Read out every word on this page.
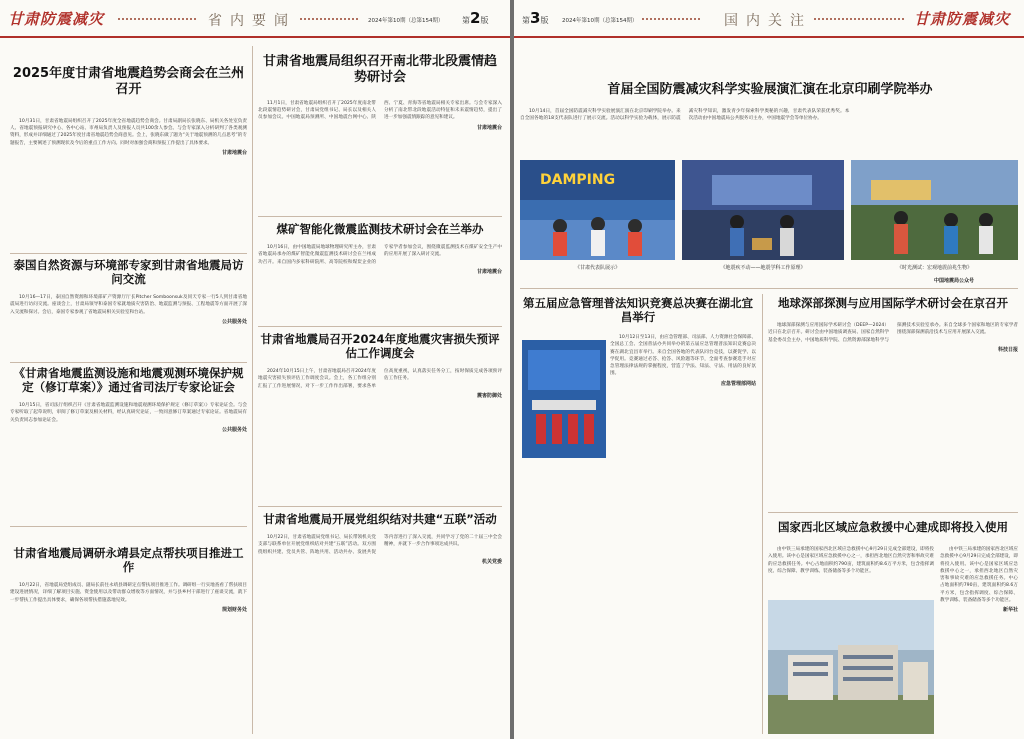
甘肃防震减灾	省内要闻	2024年第10期（总第154期） 第2版
2025年度甘肃省地震趋势会商会在兰州召开

10月31日，甘肃省地震局组织召开了2025年度全省地震趋势会商会。甘肃局副局长张晓东、局机关各处室负责人、省地震预报研究中心、各中心站、市州局负责人及预报人员共100余人参会。与会专家深入分析研判了各类观测资料，形成并详细通过了2025年度甘肃省地震趋势会商意见。会上，张晓东做了题为“关于地震预测的几点思考”的专题报告，主要阐述了预测现状及今后的重点工作方向。同时对加强会商和预报工作提出了具体要求。

甘肃地震台
泰国自然资源与环境部专家到甘肃省地震局访问交流

10月16—17日，泰国自然资源和环境部矿产资源厅厅长Pitcher Somboonsuk及同天专家一行5人到甘肃省地震局进行访问交流。座谈会上，甘肃局领导和泰国专家就地质灾害防治、地震监测与预报、工程地震等方面开展了深入交流和探讨。会后，泰国专家参观了省地震局相关实验室和台站。

公共服务处
《甘肃省地震监测设施和地震观测环境保护规定（修订草案）》通过省司法厅专家论证会

10月15日，省司法厅组织召开《甘肃省地震监测设施和地震观测环境保护规定（修订草案）》专家论证会。与会专家听取了起草说明，审阅了修订草案及相关材料，经认真研究论证，一致同意修订草案通过专家论证。省地震局有关负责同志参加论证会。

公共服务处
甘肃省地震局调研永靖县定点帮扶项目推进工作

10月22日，省地震局党组成员、副局长前往永靖县调研定点帮扶项目推进工作。调研组一行实地查看了帮扶项目建设进展情况，详细了解项目实施、资金使用以及带动群众增收等方面情况，并与县乡村干部进行了座谈交流，就下一步帮扶工作提出具体要求，确保各项帮扶措施落地见效。

规划财务处
甘肃省地震局组织召开南北带北段震情趋势研讨会

11月1日，甘肃省地震局组织召开了2025年度南北带北段震情趋势研讨会，甘肃局党组书记、局长以及相关人员参加会议。中国地震局预测所、中国地震台网中心、陕西、宁夏、青海等省地震局相关专家出席。与会专家深入分析了南北带北段地震活动特征和未来震情趋势，提出了进一步加强震情跟踪的意见和建议。

甘肃地震台
煤矿智能化微震监测技术研讨会在兰举办

10月16日，由中国地震局地球物理研究所主办，甘肃省地震局承办的煤矿智能化微震监测技术研讨会在兰州成功召开。来自国内多家科研院所、高等院校和煤炭企业的专家学者参加会议，围绕微震监测技术在煤矿安全生产中的应用开展了深入研讨交流。

甘肃地震台
甘肃省地震局召开2024年度地震灾害损失预评估工作调度会

2024年10月15日上午，甘肃省地震局召开2024年度地震灾害损失预评估工作调度会议。会上，各工作组分别汇报了工作进展情况，对下一步工作作出部署，要求各单位高度重视，认真落实任务分工，按时保质完成各项预评估工作任务。

震害防御处
甘肃省地震局开展党组织结对共建“五联”活动

10月22日，甘肃省地震局党组书记、局长带领机关党支部与联系单位开展党组织结对共建“五联”活动。双方围绕组织共建、党员共管、阵地共用、活动共办、发展共促等内容进行了深入交流，共同学习了党的二十届三中全会精神，并就下一步合作事项达成共识。

机关党委
第3版 2024年第10期（总第154期）	国内关注	甘肃防震减灾
首届全国防震减灾科学实验展演汇演在北京印刷学院举办

10月14日，首届全国防震减灾科学实验展演汇演在北京印刷学院举办。来自全国各地的18支代表队进行了展示交流。活动以科学实验为载体，展示防震减灾科学知识，激发青少年探索科学奥秘的兴趣，甘肃代表队荣获优秀奖。本次活动由中国地震局公共服务司主办，中国地震学会等单位协办。

DAMPING
《甘肃代表队展示》	《地震疾不动——地震学科工作原理》	《时光测试：宏观地震前兆生物》
中国地震局公众号
第五届应急管理普法知识竞赛总决赛在湖北宜昌举行

10月12日至13日，由应急管理部、司法部、人力资源社会保障部、全国总工会、全国普法办共同举办的第五届应急管理普法知识竞赛总决赛在湖北宜昌市举行。来自全国各地的代表队同台竞技，以赛促学、以学促用。竞赛通过必答、抢答、风险题等环节，全面考查参赛选手对应急管理法律法规的掌握程度，营造了学法、知法、守法、用法的良好氛围。

应急管理部网站
地球深部探测与应用国际学术研讨会在京召开

地球深部探测与应用国际学术研讨会（DEEP—2024）近日在北京召开。研讨会由中国地质调查局、国家自然科学基金委员会主办，中国地质科学院、自然资源部深地科学与探测技术实验室承办。来自全球多个国家和地区的专家学者围绕深部探测前沿技术与应用开展深入交流。

科技日报
国家西北区域应急救援中心建成即将投入使用

由中铁三局承建的国家西北区域应急救援中心9月29日完成全部建设，即将投入使用。该中心是国家区域应急救援中心之一，承担西北地区自然灾害和事故灾难的应急救援任务。中心占地面积约790亩，建筑面积约8.6万平方米，包含指挥调度、综合保障、教学训练、装备储备等多个功能区。

由中铁三局承建的国家西北区域应急救援中心9月29日完成全部建设，即将投入使用。该中心是国家区域应急救援中心之一，承担西北地区自然灾害和事故灾难的应急救援任务。中心占地面积约790亩，建筑面积约8.6万平方米，包含指挥调度、综合保障、教学训练、装备储备等多个功能区。

新华社
